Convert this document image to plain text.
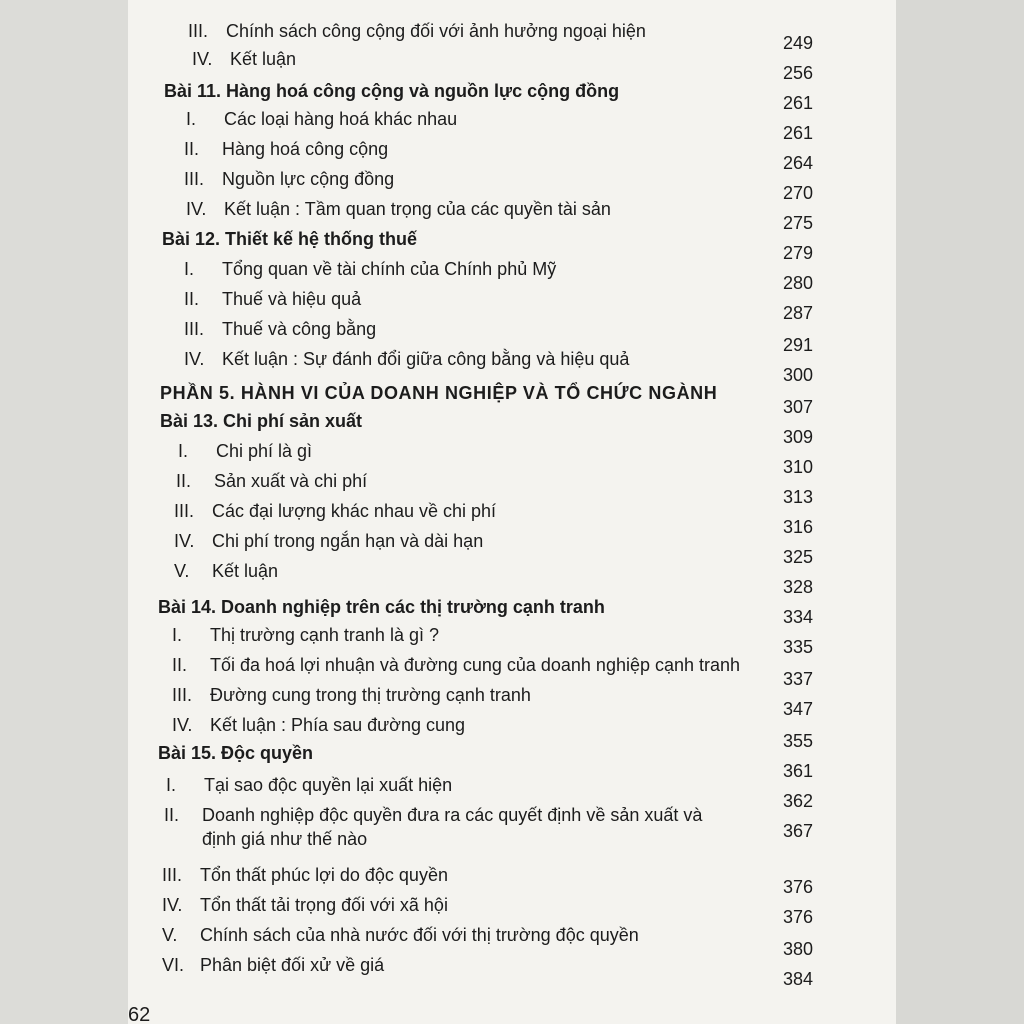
III. Chính sách công cộng đối với ảnh hưởng ngoại hiện
249
IV. Kết luận
256
Bài 11. Hàng hoá công cộng và nguồn lực cộng đồng
261
I. Các loại hàng hoá khác nhau
261
II. Hàng hoá công cộng
264
III. Nguồn lực cộng đồng
270
IV. Kết luận : Tầm quan trọng của các quyền tài sản
275
Bài 12. Thiết kế hệ thống thuế
279
I. Tổng quan về tài chính của Chính phủ Mỹ
280
II. Thuế và hiệu quả
287
III. Thuế và công bằng
291
IV. Kết luận : Sự đánh đổi giữa công bằng và hiệu quả
300
PHẦN 5. HÀNH VI CỦA DOANH NGHIỆP VÀ TỔ CHỨC NGÀNH
307
Bài 13. Chi phí sản xuất
309
I. Chi phí là gì
310
II. Sản xuất và chi phí
313
III. Các đại lượng khác nhau về chi phí
316
IV. Chi phí trong ngắn hạn và dài hạn
325
V. Kết luận
328
Bài 14. Doanh nghiệp trên các thị trường cạnh tranh	334
I. Thị trường cạnh tranh là gì ?
335
II. Tối đa hoá lợi nhuận và đường cung của doanh nghiệp cạnh tranh
337
III. Đường cung trong thị trường cạnh tranh
347
IV. Kết luận : Phía sau đường cung
355
Bài 15. Độc quyền
361
I. Tại sao độc quyền lại xuất hiện
362
II. Doanh nghiệp độc quyền đưa ra các quyết định về sản xuất và
định giá như thế nào	367
III. Tổn thất phúc lợi do độc quyền
376
IV. Tổn thất tải trọng đối với xã hội
376
V. Chính sách của nhà nước đối với thị trường độc quyền
380
VI. Phân biệt đối xử về giá
384
62
